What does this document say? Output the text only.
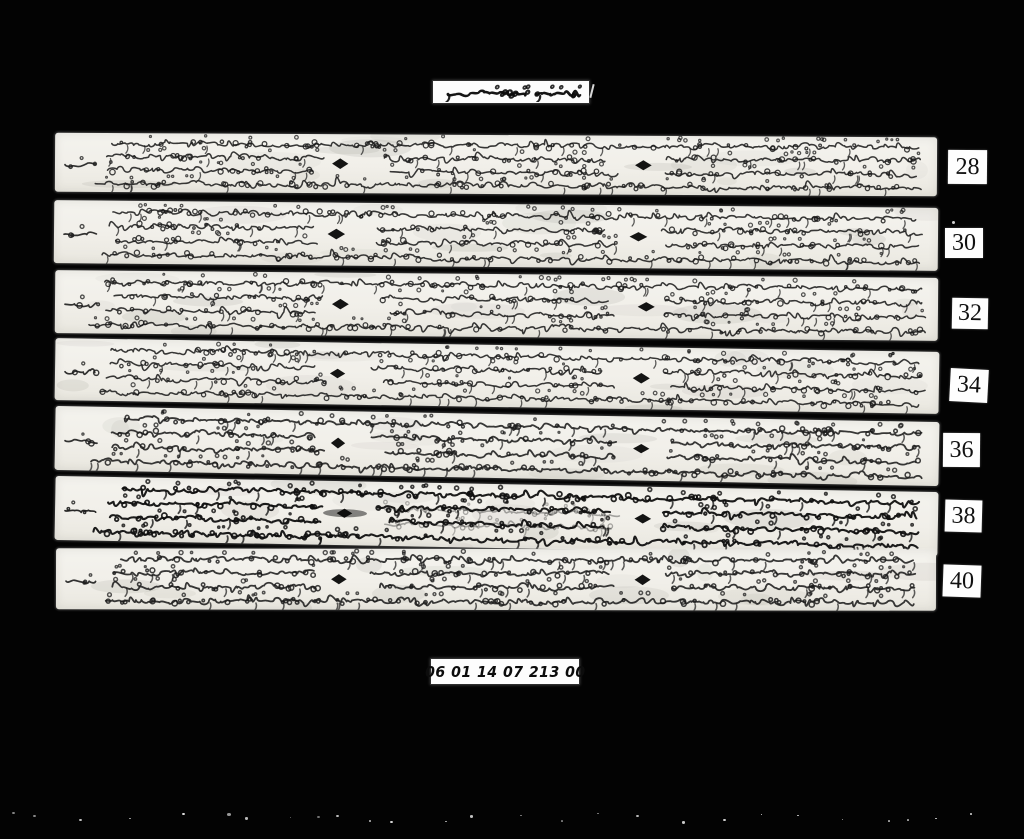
28
30
32
34
36
38
40
06 01 14 07 213 00
